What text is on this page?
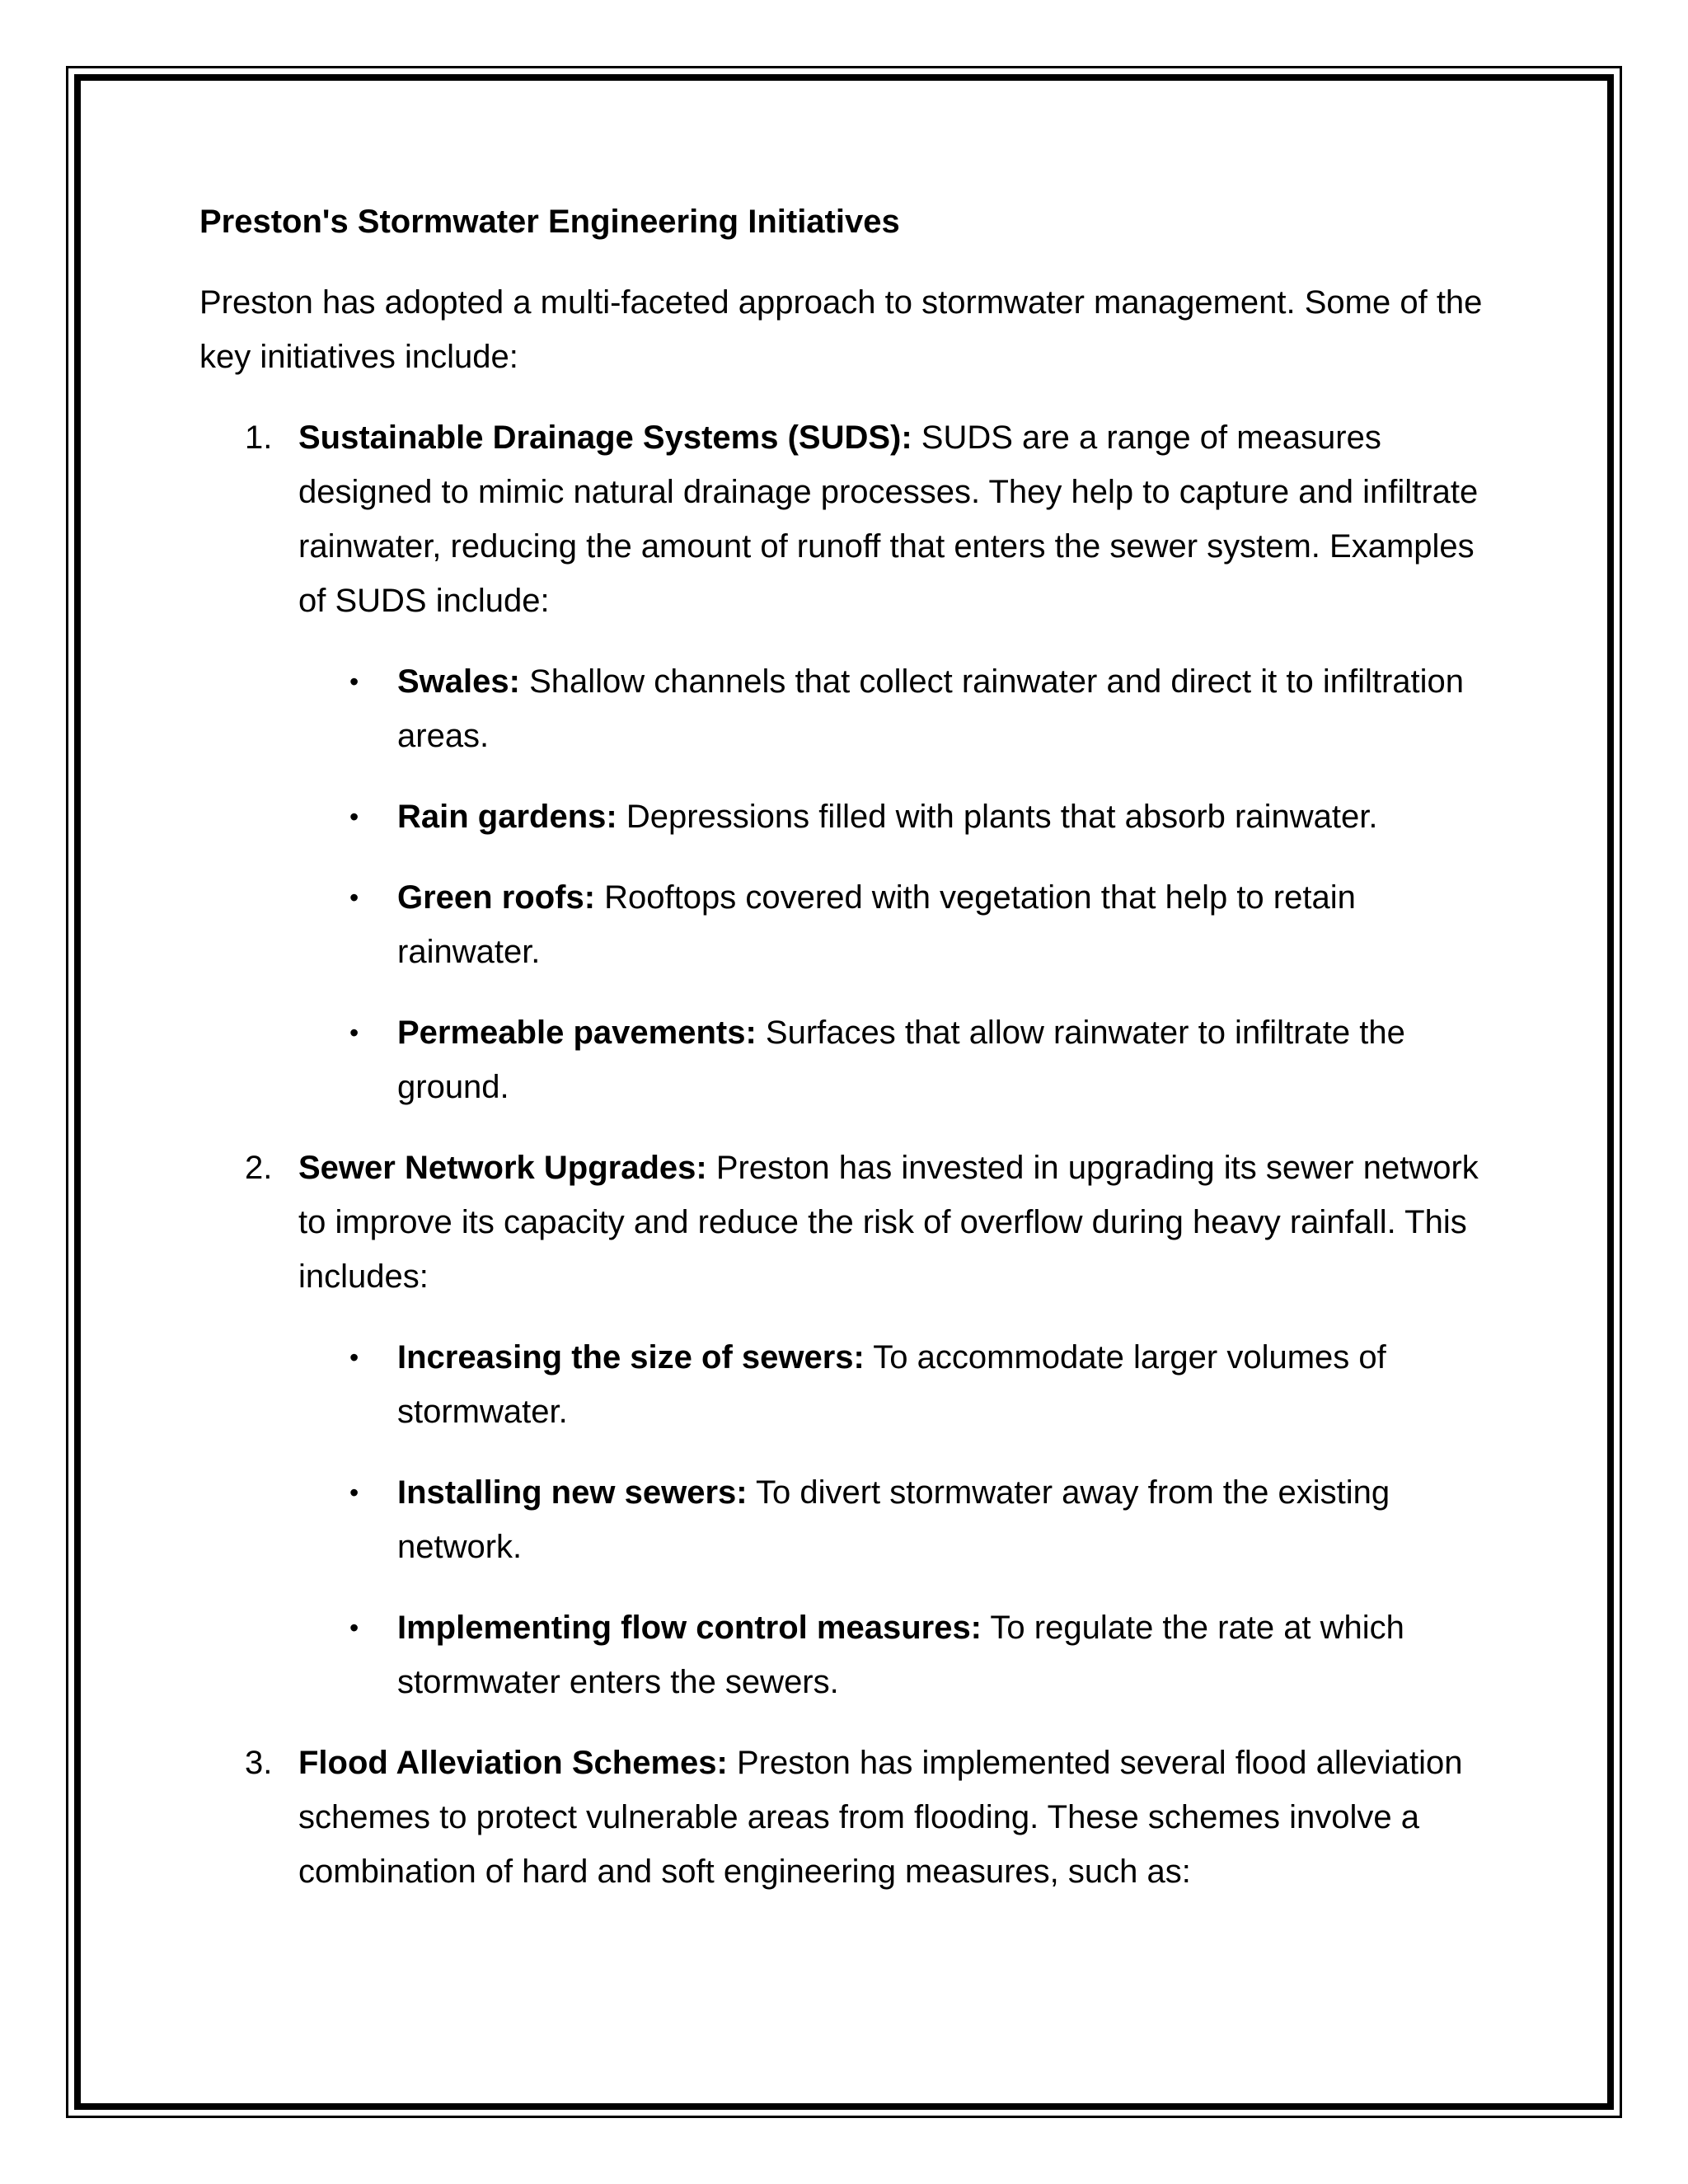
Preston's Stormwater Engineering Initiatives
Preston has adopted a multi-faceted approach to stormwater management. Some of the key initiatives include:
1. Sustainable Drainage Systems (SUDS): SUDS are a range of measures designed to mimic natural drainage processes. They help to capture and infiltrate rainwater, reducing the amount of runoff that enters the sewer system. Examples of SUDS include:
• Swales: Shallow channels that collect rainwater and direct it to infiltration areas.
• Rain gardens: Depressions filled with plants that absorb rainwater.
• Green roofs: Rooftops covered with vegetation that help to retain rainwater.
• Permeable pavements: Surfaces that allow rainwater to infiltrate the ground.
2. Sewer Network Upgrades: Preston has invested in upgrading its sewer network to improve its capacity and reduce the risk of overflow during heavy rainfall. This includes:
• Increasing the size of sewers: To accommodate larger volumes of stormwater.
• Installing new sewers: To divert stormwater away from the existing network.
• Implementing flow control measures: To regulate the rate at which stormwater enters the sewers.
3. Flood Alleviation Schemes: Preston has implemented several flood alleviation schemes to protect vulnerable areas from flooding. These schemes involve a combination of hard and soft engineering measures, such as:
